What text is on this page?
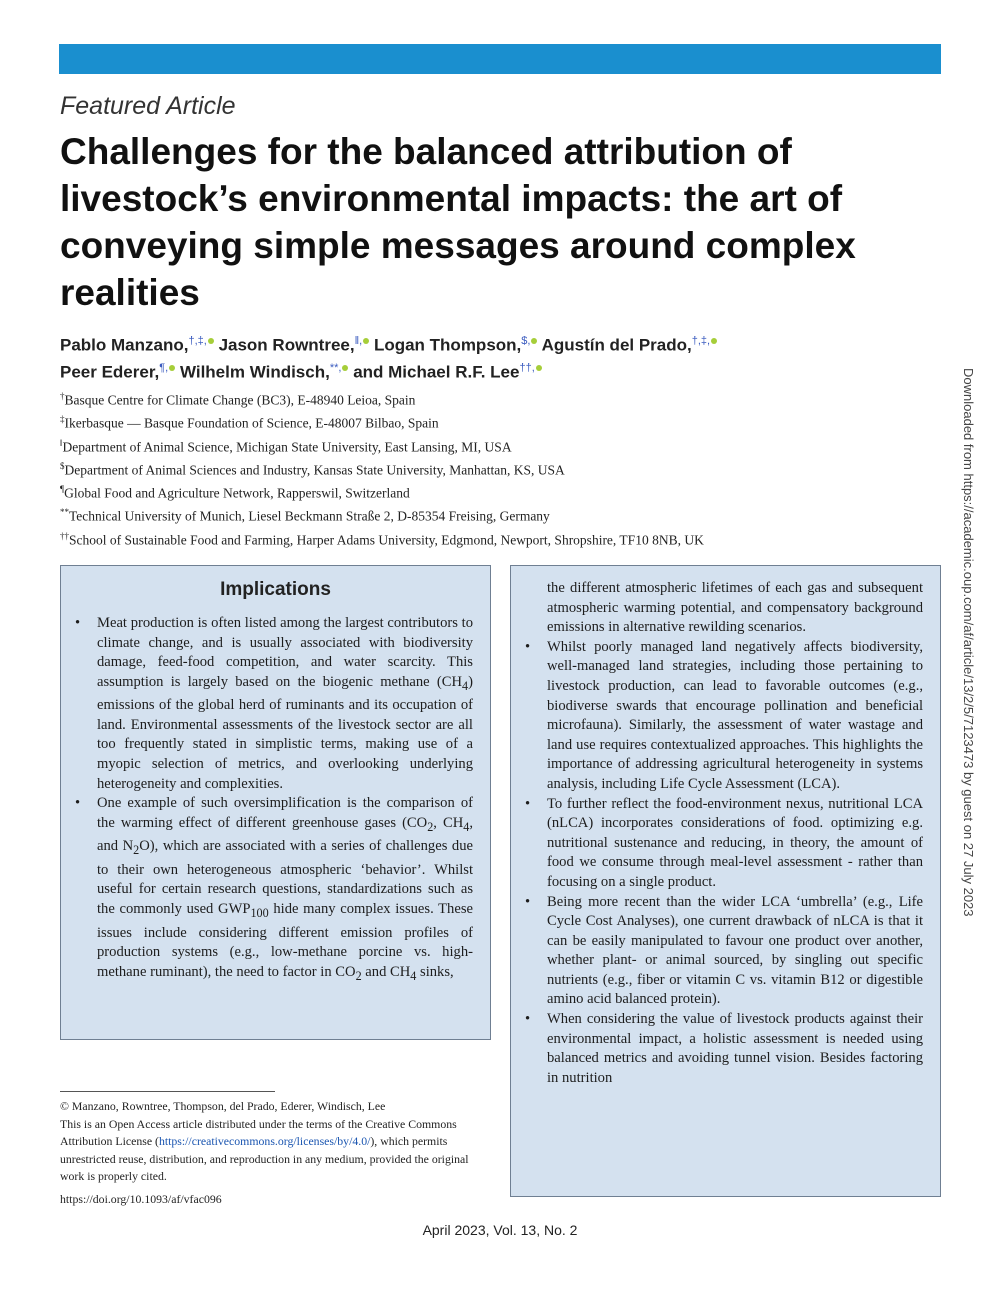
Featured Article
Challenges for the balanced attribution of livestock’s environmental impacts: the art of conveying simple messages around complex realities
Pablo Manzano,†,‡, Jason Rowntree,‖, Logan Thompson,$, Agustín del Prado,†,‡,
Peer Ederer,¶, Wilhelm Windisch,**, and Michael R.F. Lee††,
†Basque Centre for Climate Change (BC3), E-48940 Leioa, Spain
‡Ikerbasque — Basque Foundation of Science, E-48007 Bilbao, Spain
‖Department of Animal Science, Michigan State University, East Lansing, MI, USA
$Department of Animal Sciences and Industry, Kansas State University, Manhattan, KS, USA
¶Global Food and Agriculture Network, Rapperswil, Switzerland
**Technical University of Munich, Liesel Beckmann Straße 2, D-85354 Freising, Germany
††School of Sustainable Food and Farming, Harper Adams University, Edgmond, Newport, Shropshire, TF10 8NB, UK	Downloaded from https://academic.oup.com/af/article/13/2/5/7123473 by guest on 27 July 2023
Implications
• Meat production is often listed among the largest contributors to climate change, and is usually associated with biodiversity damage, feed-food competition, and water scarcity. This assumption is largely based on the biogenic methane $(CH_4)$ emissions of the global herd of ruminants and its occupation of land. Environmental assessments of the livestock sector are all too frequently stated in simplistic terms, making use of a myopic selection of metrics, and overlooking underlying heterogeneity and complexities.
• One example of such oversimplification is the comparison of the warming effect of different greenhouse gases ($CO_2$, $CH_4$, and $N_2O$), which are associated with a series of challenges due to their own heterogeneous atmospheric ‘behavior’. Whilst useful for certain research questions, standardizations such as the commonly used $GWP_{100}$ hide many complex issues. These issues include considering different emission profiles of production systems (e.g., low-methane porcine vs. high-methane ruminant), the need to factor in $CO_2$ and $CH_4$ sinks,
the different atmospheric lifetimes of each gas and subsequent atmospheric warming potential, and compensatory background emissions in alternative rewilding scenarios.
• Whilst poorly managed land negatively affects biodiversity, well-managed land strategies, including those pertaining to livestock production, can lead to favorable outcomes (e.g., biodiverse swards that encourage pollination and beneficial microfauna). Similarly, the assessment of water wastage and land use requires contextualized approaches. This highlights the importance of addressing agricultural heterogeneity in systems analysis, including Life Cycle Assessment (LCA).
• To further reflect the food-environment nexus, nutritional LCA (nLCA) incorporates considerations of food. optimizing e.g. nutritional sustenance and reducing, in theory, the amount of food we consume through meal-level assessment - rather than focusing on a single product.
• Being more recent than the wider LCA ‘umbrella’ (e.g., Life Cycle Cost Analyses), one current drawback of nLCA is that it can be easily manipulated to favour one product over another, whether plant- or animal sourced, by singling out specific nutrients (e.g., fiber or vitamin C vs. vitamin B12 or digestible amino acid balanced protein).
• When considering the value of livestock products against their environmental impact, a holistic assessment is needed using balanced metrics and avoiding tunnel vision. Besides factoring in nutrition
© Manzano, Rowntree, Thompson, del Prado, Ederer, Windisch, Lee
This is an Open Access article distributed under the terms of the Creative Commons Attribution License (https://creativecommons.org/licenses/by/4.0/), which permits unrestricted reuse, distribution, and reproduction in any medium, provided the original work is properly cited.
https://doi.org/10.1093/af/vfac096
April 2023, Vol. 13, No. 2
